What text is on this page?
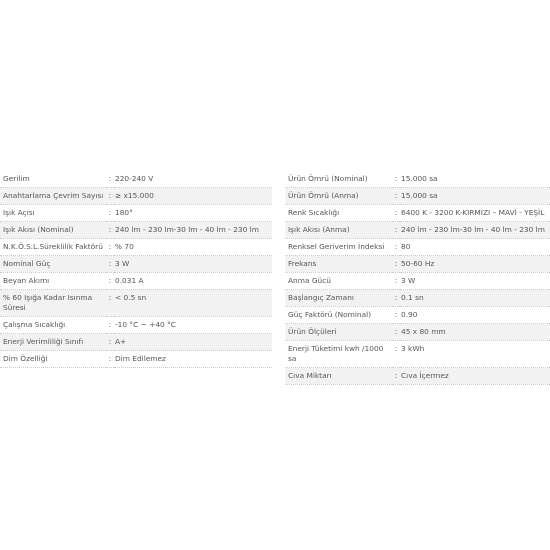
Gerilim	:	220-240 V
Anahtarlama Çevrim Sayısı	:	≥ x15.000
Işık Açısı	:	180°
Işık Akısı (Nominal)	:	240 lm - 230 lm-30 lm - 40 lm - 230 lm
N.K.Ö.S.L.Süreklilik Faktörü	:	% 70
Nominal Güç	:	3 W
Beyan Akımı	:	0.031 A
% 60 Işığa Kadar Isınma Süresi	:	< 0.5 sn
Çalışma Sıcaklığı	:	-10 °C ~ +40 °C
Enerji Verimliliği Sınıfı	:	A+
Dim Özelliği	:	Dim Edilemez
Ürün Ömrü (Nominal)	:	15.000 sa
Ürün Ömrü (Anma)	:	15.000 sa
Renk Sıcaklığı	:	6400 K - 3200 K-KIRMIZI – MAVİ - YEŞİL
Işık Akısı (Anma)	:	240 lm - 230 lm-30 lm - 40 lm - 230 lm
Renksel Geriverim İndeksi	:	80
Frekans	:	50-60 Hz
Anma Gücü	:	3 W
Başlangıç Zamanı	:	0.1 sn
Güç Faktörü (Nominal)	:	0.90
Ürün Ölçüleri	:	45 x 80 mm
Enerji Tüketimi kwh /1000 sa	:	3 kWh
Cıva Miktarı	:	Cıva İçermez
